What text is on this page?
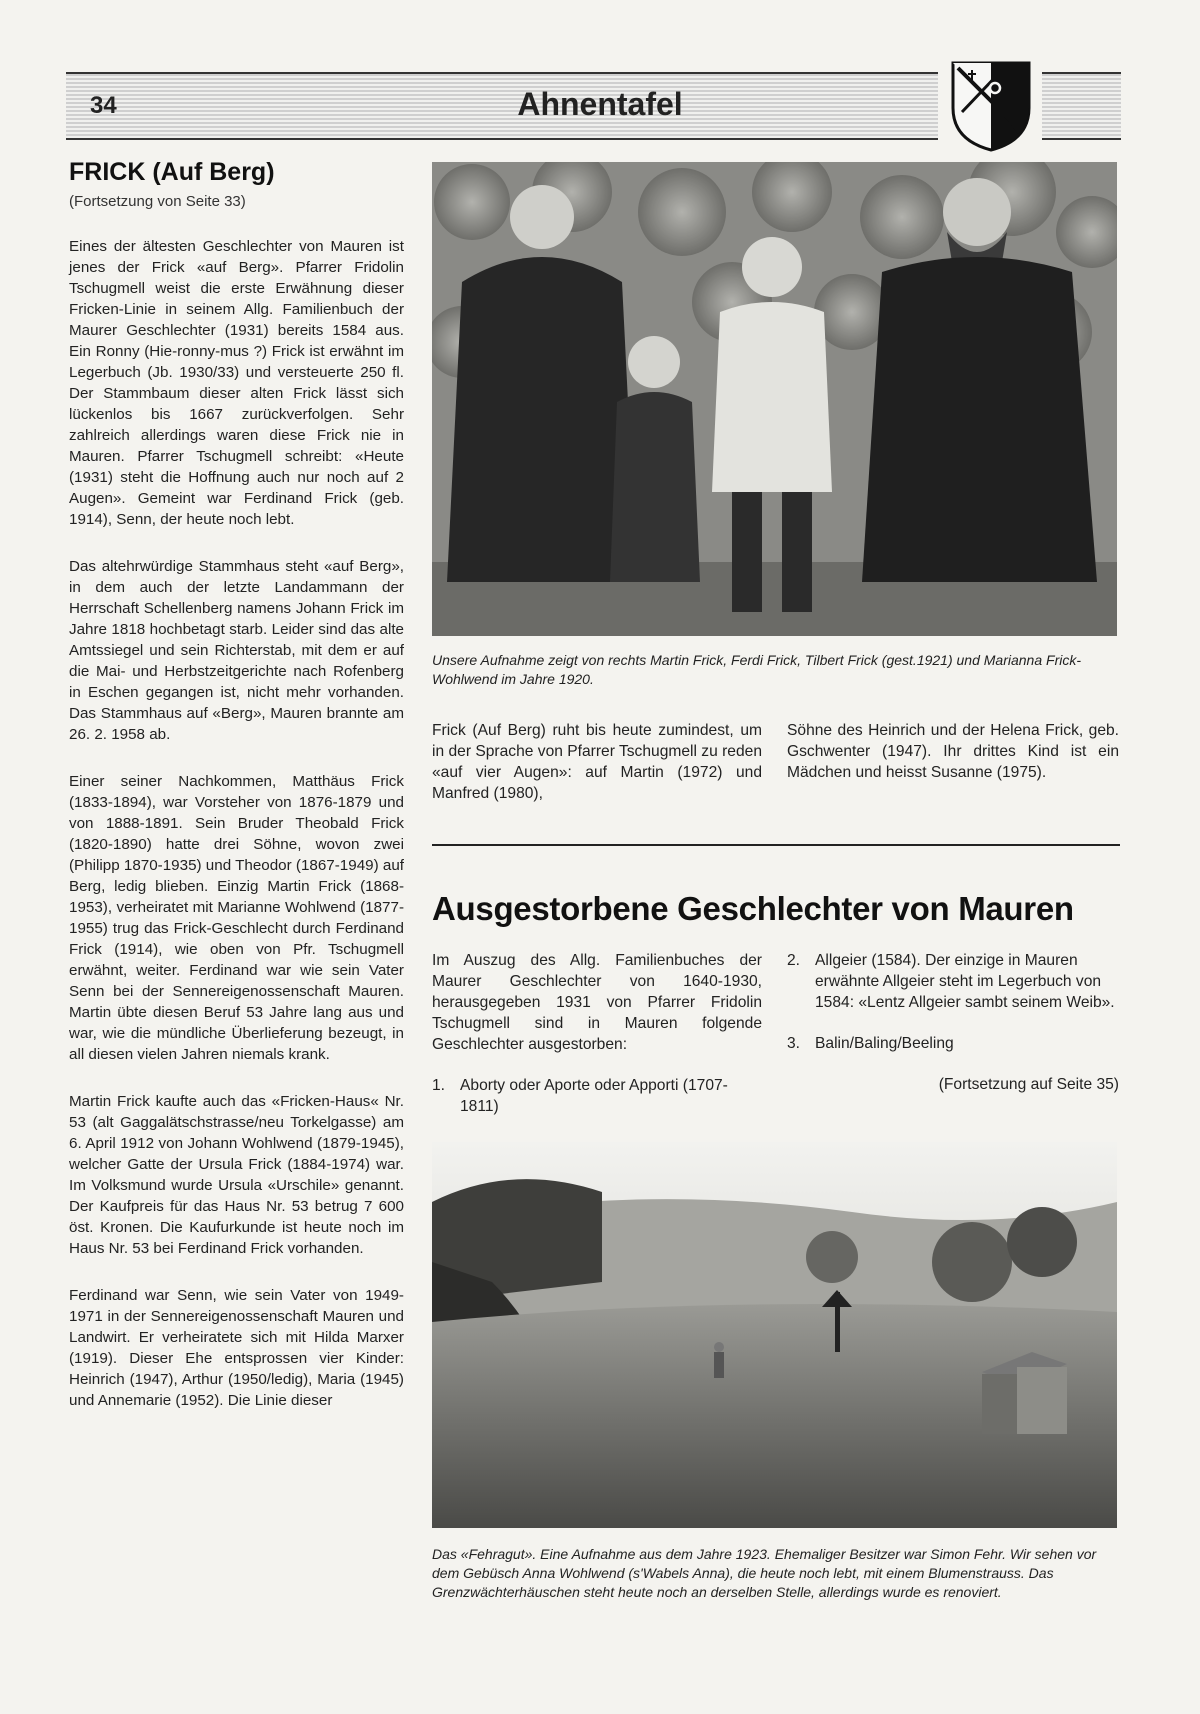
34	Ahnentafel
FRICK (Auf Berg)
(Fortsetzung von Seite 33)

Eines der ältesten Geschlechter von Mauren ist jenes der Frick «auf Berg». Pfarrer Fridolin Tschugmell weist die erste Erwähnung dieser Fricken-Linie in seinem Allg. Familienbuch der Maurer Geschlechter (1931) bereits 1584 aus. Ein Ronny (Hie-ronny-mus ?) Frick ist erwähnt im Legerbuch (Jb. 1930/33) und versteuerte 250 fl. Der Stammbaum dieser alten Frick lässt sich lückenlos bis 1667 zurückverfolgen. Sehr zahlreich allerdings waren diese Frick nie in Mauren. Pfarrer Tschugmell schreibt: «Heute (1931) steht die Hoffnung auch nur noch auf 2 Augen». Gemeint war Ferdinand Frick (geb. 1914), Senn, der heute noch lebt.

Das altehrwürdige Stammhaus steht «auf Berg», in dem auch der letzte Landammann der Herrschaft Schellenberg namens Johann Frick im Jahre 1818 hochbetagt starb. Leider sind das alte Amtssiegel und sein Richterstab, mit dem er auf die Mai- und Herbstzeitgerichte nach Rofenberg in Eschen gegangen ist, nicht mehr vorhanden. Das Stammhaus auf «Berg», Mauren brannte am 26. 2. 1958 ab.

Einer seiner Nachkommen, Matthäus Frick (1833-1894), war Vorsteher von 1876-1879 und von 1888-1891. Sein Bruder Theobald Frick (1820-1890) hatte drei Söhne, wovon zwei (Philipp 1870-1935) und Theodor (1867-1949) auf Berg, ledig blieben. Einzig Martin Frick (1868-1953), verheiratet mit Marianne Wohlwend (1877-1955) trug das Frick-Geschlecht durch Ferdinand Frick (1914), wie oben von Pfr. Tschugmell erwähnt, weiter. Ferdinand war wie sein Vater Senn bei der Sennereigenossenschaft Mauren. Martin übte diesen Beruf 53 Jahre lang aus und war, wie die mündliche Überlieferung bezeugt, in all diesen vielen Jahren niemals krank.

Martin Frick kaufte auch das «Fricken-Haus« Nr. 53 (alt Gaggalätschstrasse/neu Torkelgasse) am 6. April 1912 von Johann Wohlwend (1879-1945), welcher Gatte der Ursula Frick (1884-1974) war. Im Volksmund wurde Ursula «Urschile» genannt. Der Kaufpreis für das Haus Nr. 53 betrug 7 600 öst. Kronen. Die Kaufurkunde ist heute noch im Haus Nr. 53 bei Ferdinand Frick vorhanden.

Ferdinand war Senn, wie sein Vater von 1949-1971 in der Sennereigenossenschaft Mauren und Landwirt. Er verheiratete sich mit Hilda Marxer (1919). Dieser Ehe entsprossen vier Kinder: Heinrich (1947), Arthur (1950/ledig), Maria (1945) und Annemarie (1952). Die Linie dieser

Unsere Aufnahme zeigt von rechts Martin Frick, Ferdi Frick, Tilbert Frick (gest.1921) und Marianna Frick-Wohlwend im Jahre 1920.
Frick (Auf Berg) ruht bis heute zumindest, um in der Sprache von Pfarrer Tschugmell zu reden «auf vier Augen»: auf Martin (1972) und Manfred (1980),
Söhne des Heinrich und der Helena Frick, geb. Gschwenter (1947). Ihr drittes Kind ist ein Mädchen und heisst Susanne (1975).
Ausgestorbene Geschlechter von Mauren

Im Auszug des Allg. Familienbuches der Maurer Geschlechter von 1640-1930, herausgegeben 1931 von Pfarrer Fridolin Tschugmell sind in Mauren folgende Geschlechter ausgestorben:

1. Aborty oder Aporte oder Apporti (1707-1811)
2. Allgeier (1584). Der einzige in Mauren erwähnte Allgeier steht im Legerbuch von 1584: «Lentz Allgeier sambt seinem Weib».
3. Balin/Baling/Beeling
(Fortsetzung auf Seite 35)
Das «Fehragut». Eine Aufnahme aus dem Jahre 1923. Ehemaliger Besitzer war Simon Fehr. Wir sehen vor dem Gebüsch Anna Wohlwend (s'Wabels Anna), die heute noch lebt, mit einem Blumenstrauss. Das Grenzwächterhäuschen steht heute noch an derselben Stelle, allerdings wurde es renoviert.
